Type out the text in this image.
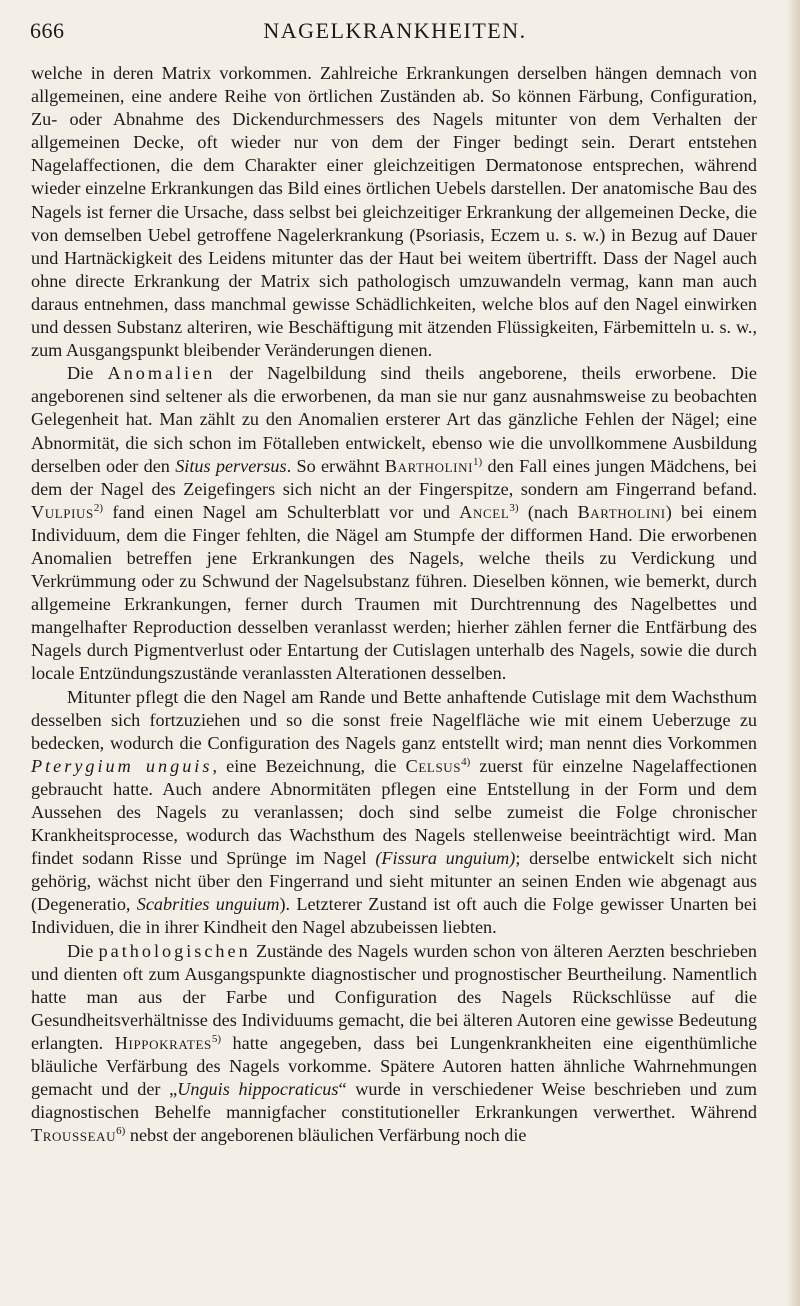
666	NAGELKRANKHEITEN.

welche in deren Matrix vorkommen. Zahlreiche Erkrankungen derselben hängen demnach von allgemeinen, eine andere Reihe von örtlichen Zuständen ab. So können Färbung, Configuration, Zu- oder Abnahme des Dickendurchmessers des Nagels mitunter von dem Verhalten der allgemeinen Decke, oft wieder nur von dem der Finger bedingt sein. Derart entstehen Nagelaffectionen, die dem Charakter einer gleichzeitigen Dermatonose entsprechen, während wieder einzelne Erkrankungen das Bild eines örtlichen Uebels darstellen. Der anatomische Bau des Nagels ist ferner die Ursache, dass selbst bei gleichzeitiger Erkrankung der allgemeinen Decke, die von demselben Uebel getroffene Nagelerkrankung (Psoriasis, Eczem u. s. w.) in Bezug auf Dauer und Hartnäckigkeit des Leidens mitunter das der Haut bei weitem übertrifft. Dass der Nagel auch ohne directe Erkrankung der Matrix sich pathologisch umzuwandeln vermag, kann man auch daraus entnehmen, dass manchmal gewisse Schädlichkeiten, welche blos auf den Nagel einwirken und dessen Substanz alteriren, wie Beschäftigung mit ätzenden Flüssigkeiten, Färbemitteln u. s. w., zum Ausgangspunkt bleibender Veränderungen dienen.

Die Anomalien der Nagelbildung sind theils angeborene, theils erworbene. Die angeborenen sind seltener als die erworbenen, da man sie nur ganz ausnahmsweise zu beobachten Gelegenheit hat. Man zählt zu den Anomalien ersterer Art das gänzliche Fehlen der Nägel; eine Abnormität, die sich schon im Fötalleben entwickelt, ebenso wie die unvollkommene Ausbildung derselben oder den Situs perversus. So erwähnt Bartholini$^{1)}$ den Fall eines jungen Mädchens, bei dem der Nagel des Zeigefingers sich nicht an der Fingerspitze, sondern am Fingerrand befand. Vulpius$^{2)}$ fand einen Nagel am Schulterblatt vor und Ancel$^{3)}$ (nach Bartholini) bei einem Individuum, dem die Finger fehlten, die Nägel am Stumpfe der difformen Hand. Die erworbenen Anomalien betreffen jene Erkrankungen des Nagels, welche theils zu Verdickung und Verkrümmung oder zu Schwund der Nagelsubstanz führen. Dieselben können, wie bemerkt, durch allgemeine Erkrankungen, ferner durch Traumen mit Durchtrennung des Nagelbettes und mangelhafter Reproduction desselben veranlasst werden; hierher zählen ferner die Entfärbung des Nagels durch Pigmentverlust oder Entartung der Cutislagen unterhalb des Nagels, sowie die durch locale Entzündungszustände veranlassten Alterationen desselben.

Mitunter pflegt die den Nagel am Rande und Bette anhaftende Cutislage mit dem Wachsthum desselben sich fortzuziehen und so die sonst freie Nagelfläche wie mit einem Ueberzuge zu bedecken, wodurch die Configuration des Nagels ganz entstellt wird; man nennt dies Vorkommen Pterygium unguis, eine Bezeichnung, die Celsus$^{4)}$ zuerst für einzelne Nagelaffectionen gebraucht hatte. Auch andere Abnormitäten pflegen eine Entstellung in der Form und dem Aussehen des Nagels zu veranlassen; doch sind selbe zumeist die Folge chronischer Krankheitsprocesse, wodurch das Wachsthum des Nagels stellenweise beeinträchtigt wird. Man findet sodann Risse und Sprünge im Nagel (Fissura unguium); derselbe entwickelt sich nicht gehörig, wächst nicht über den Fingerrand und sieht mitunter an seinen Enden wie abgenagt aus (Degeneratio, Scabrities unguium). Letzterer Zustand ist oft auch die Folge gewisser Unarten bei Individuen, die in ihrer Kindheit den Nagel abzubeissen liebten.

Die pathologischen Zustände des Nagels wurden schon von älteren Aerzten beschrieben und dienten oft zum Ausgangspunkte diagnostischer und prognostischer Beurtheilung. Namentlich hatte man aus der Farbe und Configuration des Nagels Rückschlüsse auf die Gesundheitsverhältnisse des Individuums gemacht, die bei älteren Autoren eine gewisse Bedeutung erlangten. Hippokrates$^{5)}$ hatte angegeben, dass bei Lungenkrankheiten eine eigenthümliche bläuliche Verfärbung des Nagels vorkomme. Spätere Autoren hatten ähnliche Wahrnehmungen gemacht und der „Unguis hippocraticus“ wurde in verschiedener Weise beschrieben und zum diagnostischen Behelfe mannigfacher constitutioneller Erkrankungen verwerthet. Während Trousseau$^{6)}$ nebst der angeborenen bläulichen Verfärbung noch die
